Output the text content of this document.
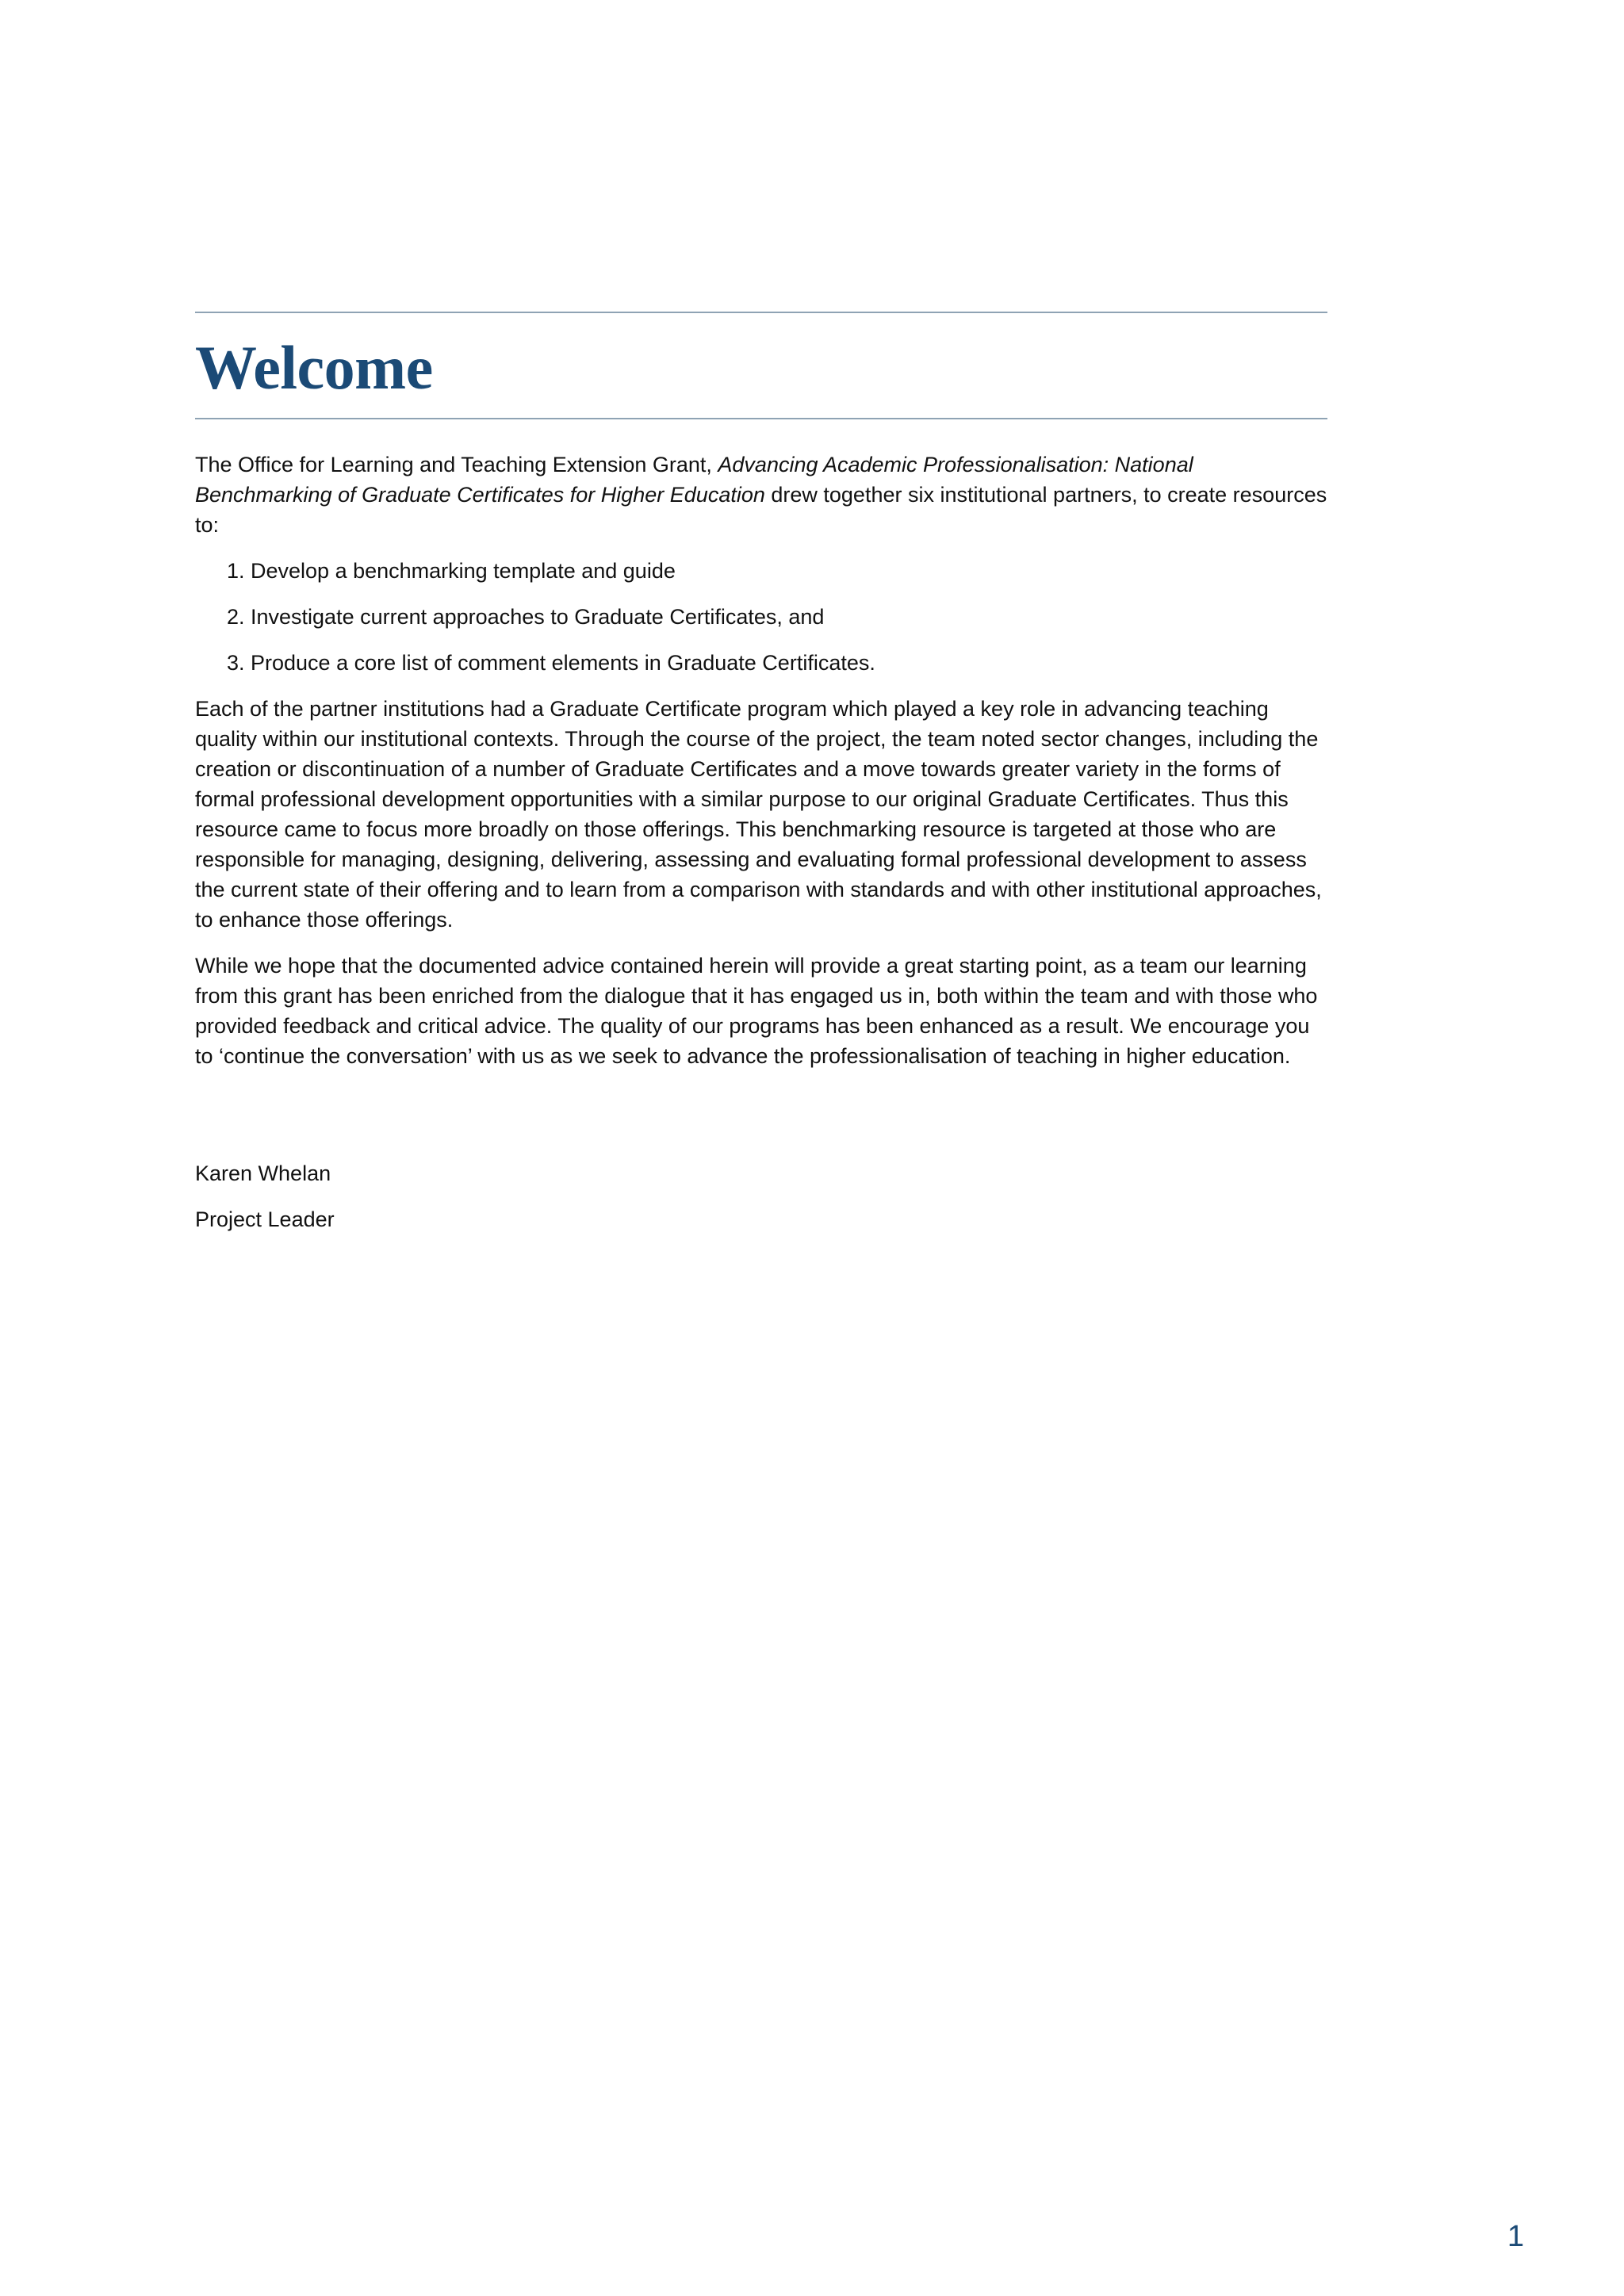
Welcome

The Office for Learning and Teaching Extension Grant, Advancing Academic Professionalisation: National Benchmarking of Graduate Certificates for Higher Education drew together six institutional partners, to create resources to:

1. Develop a benchmarking template and guide
2. Investigate current approaches to Graduate Certificates, and
3. Produce a core list of comment elements in Graduate Certificates.

Each of the partner institutions had a Graduate Certificate program which played a key role in advancing teaching quality within our institutional contexts. Through the course of the project, the team noted sector changes, including the creation or discontinuation of a number of Graduate Certificates and a move towards greater variety in the forms of formal professional development opportunities with a similar purpose to our original Graduate Certificates. Thus this resource came to focus more broadly on those offerings. This benchmarking resource is targeted at those who are responsible for managing, designing, delivering, assessing and evaluating formal professional development to assess the current state of their offering and to learn from a comparison with standards and with other institutional approaches, to enhance those offerings.

While we hope that the documented advice contained herein will provide a great starting point, as a team our learning from this grant has been enriched from the dialogue that it has engaged us in, both within the team and with those who provided feedback and critical advice. The quality of our programs has been enhanced as a result. We encourage you to ‘continue the conversation’ with us as we seek to advance the professionalisation of teaching in higher education.

Karen Whelan
Project Leader
1
